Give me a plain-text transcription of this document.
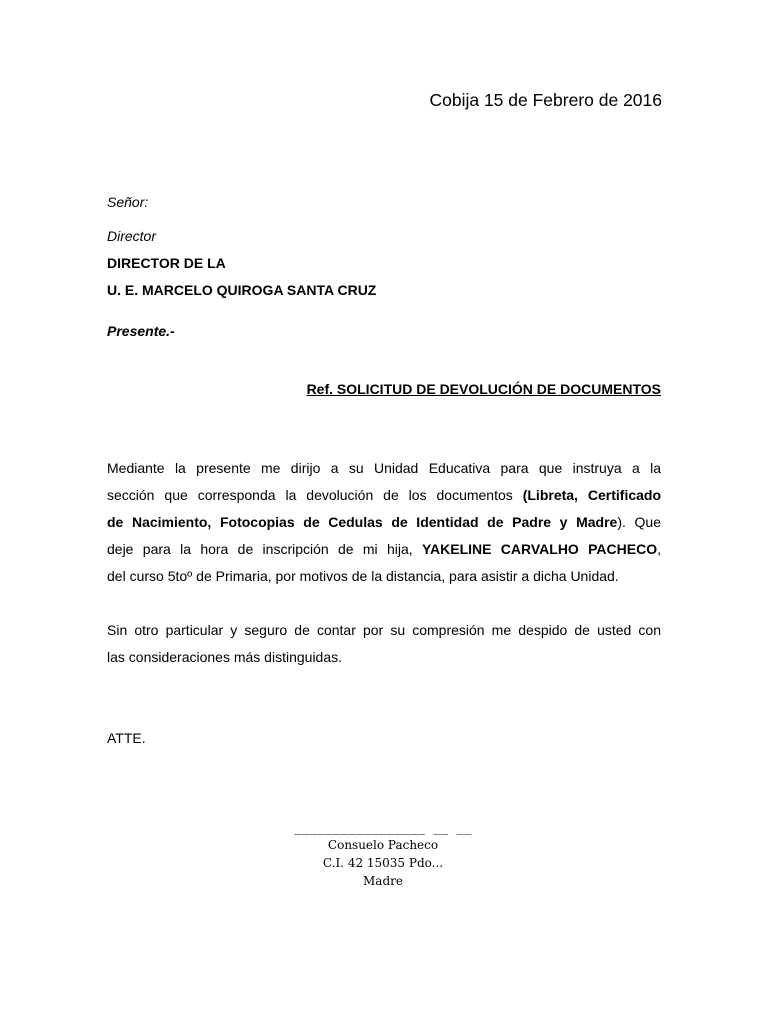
Cobija 15 de Febrero de 2016

Señor:

Director

DIRECTOR DE LA

U. E. MARCELO QUIROGA SANTA CRUZ

Presente.-

Ref. SOLICITUD DE DEVOLUCIÓN DE DOCUMENTOS

Mediante la presente me dirijo a su Unidad Educativa para que instruya a la
sección que corresponda la devolución de los documentos (Libreta, Certificado
de Nacimiento, Fotocopias de Cedulas de Identidad de Padre y Madre). Que
deje para la hora de inscripción de mi hija, YAKELINE CARVALHO PACHECO,
del curso 5toº de Primaria, por motivos de la distancia, para asistir a dicha Unidad.
Sin otro particular y seguro de contar por su compresión me despido de usted con
las consideraciones más distinguidas.

ATTE.

_________________ __ __
Consuelo Pacheco
C.I. 42 15035 Pdo...
Madre
